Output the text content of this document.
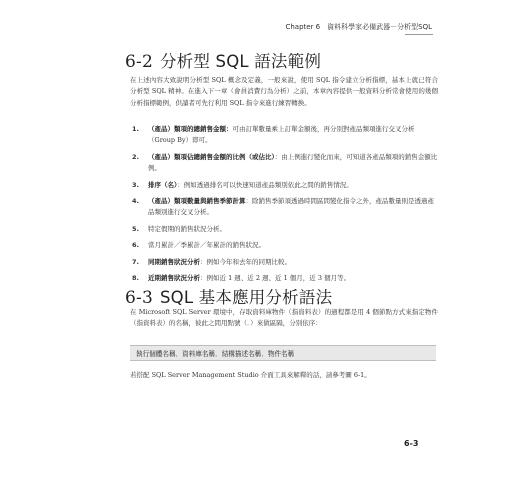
Chapter 6　資料科學家必備武器－分析型SQL
6-2 分析型 SQL 語法範例

在上述內容大致說明分析型 SQL 概念及定義，一般來說，使用 SQL 指令建立分析指標，基本上就已符合分析型 SQL 精神。在進入下一章（會員消費行為分析）之前，本章內容提供一般資料分析常會使用的幾個分析指標範例，供讀者可先行利用 SQL 指令來進行練習轉換。

1. （產品）類項的總銷售金額：可由訂單數量乘上訂單金額後，再分別對產品類項進行交叉分析（Group By）即可。
2. （產品）類項佔總銷售金額的比例（或佔比）：由上例進行變化而來，可知道各產品類項的銷售金額比例。
3. 排序（名）：例如透過排名可以快速知道產品類別依此之間的銷售情況。
4. （產品）類項數量與銷售季節計算：除銷售季節須透過時間區間變化指令之外，產品數量則是透過產品類別進行交叉分析。
5. 特定假期的銷售狀況分析。
6. 當月累計／季累計／年累計的銷售狀況。
7. 同期銷售狀況分析：例如今年和去年的同期比較。
8. 近期銷售狀況分析：例如近 1 週、近 2 週、近 1 個月，近 3 個月等。
6-3 SQL 基本應用分析語法

在 Microsoft SQL Server 環境中，存取資料庫物件（指資料表）的過程都是用 4 個節點方式來指定物件（指資料表）的名稱，彼此之間用點號（．）來做區隔，分別依序：

執行個體名稱．資料庫名稱．結構描述名稱．物件名稱

若搭配 SQL Server Management Studio 介面工具來解釋的話，請參考圖 6-1。

6-3
